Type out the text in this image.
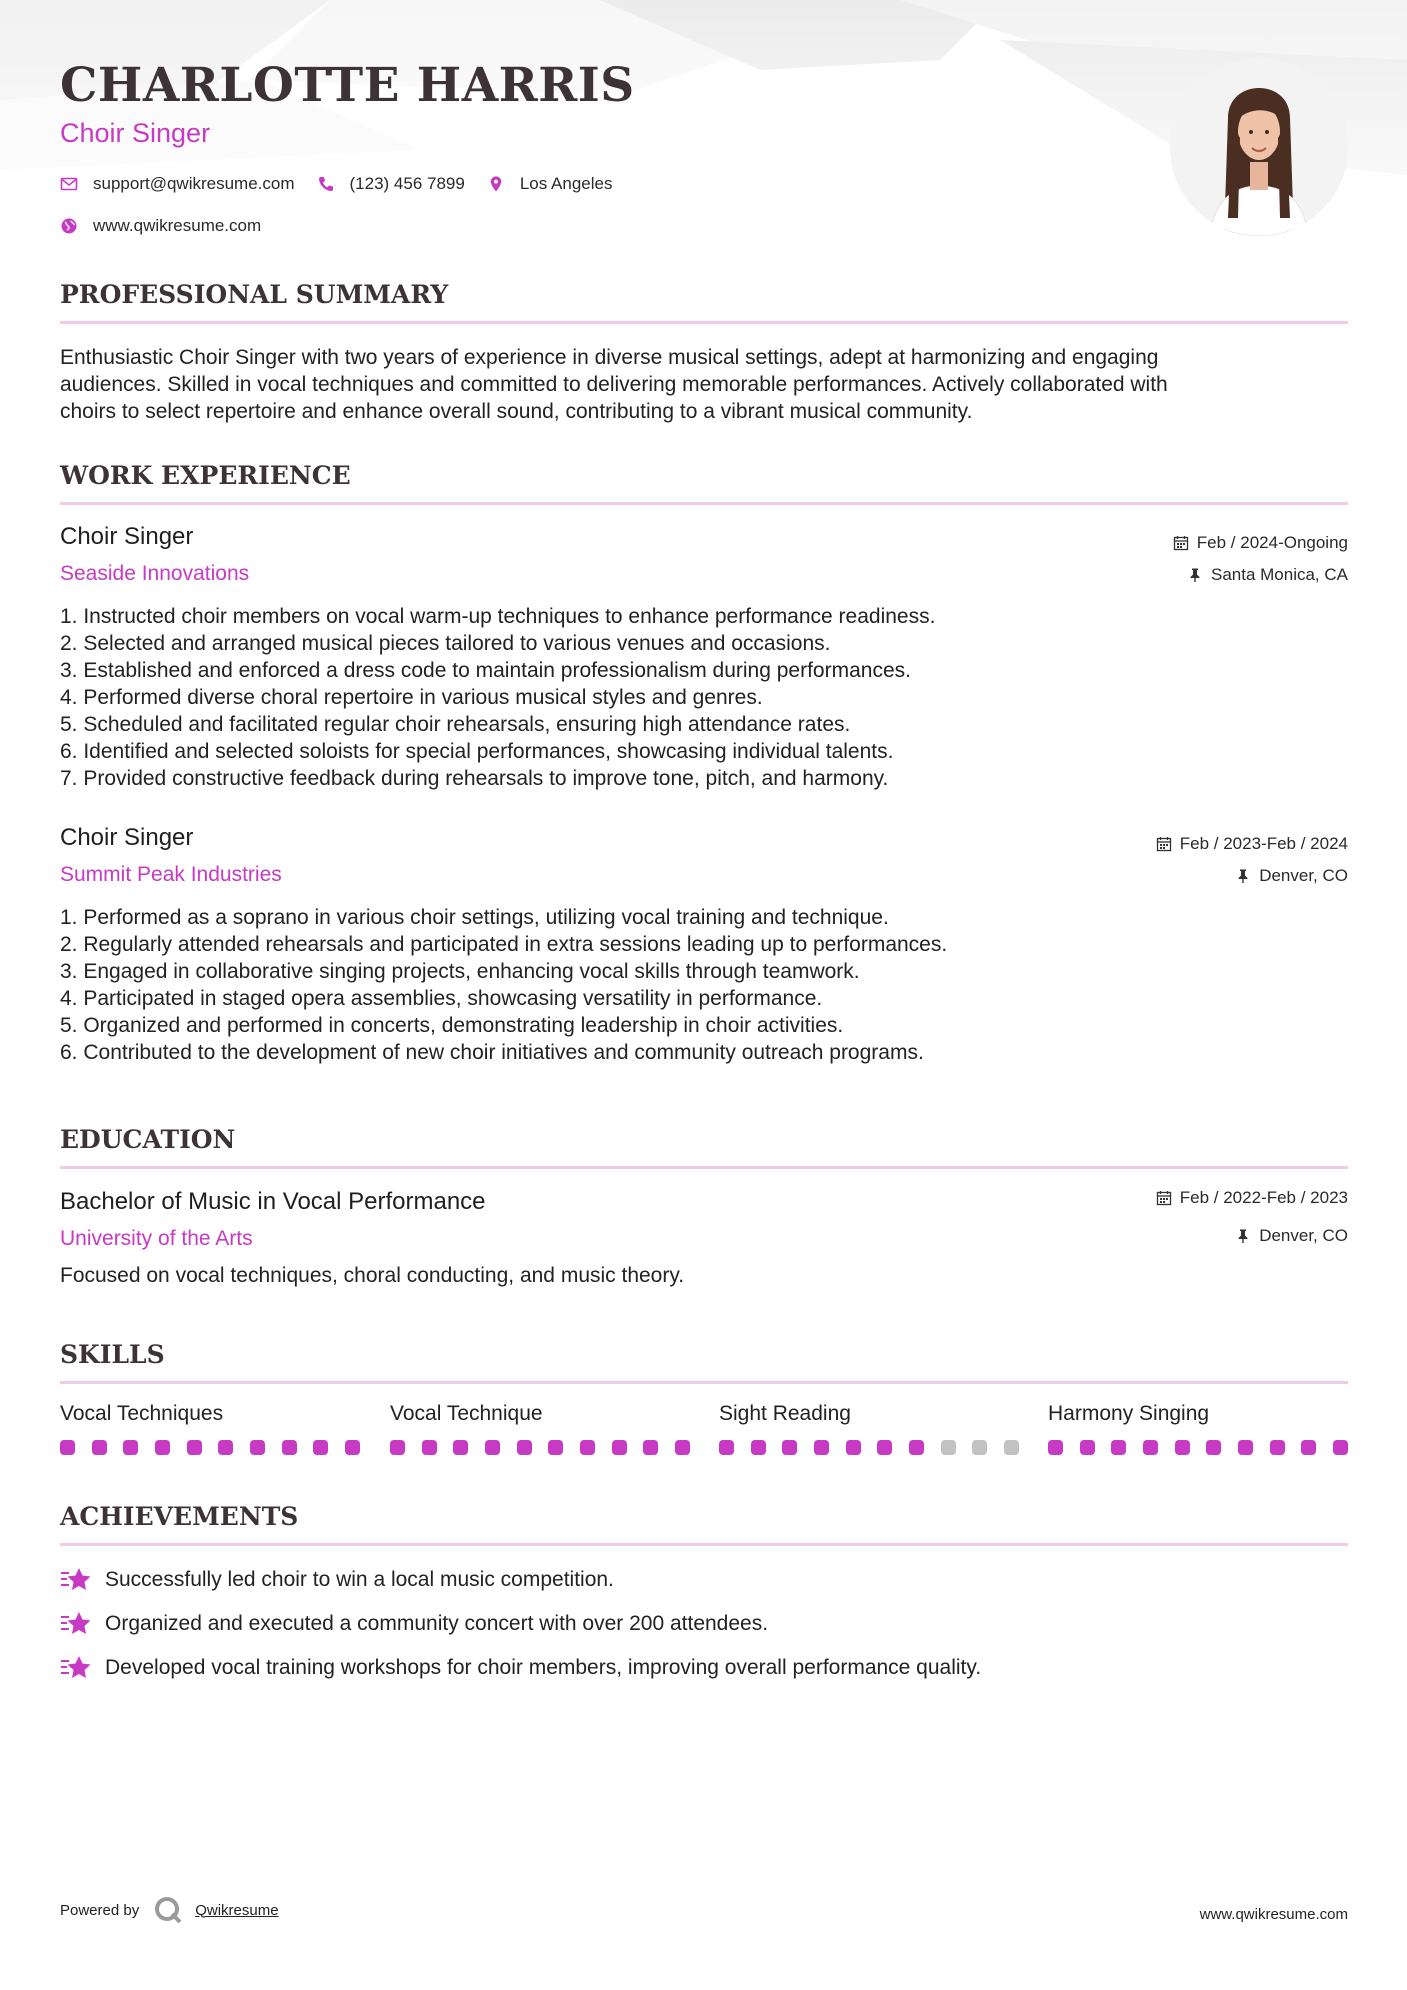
CHARLOTTE HARRIS
Choir Singer
support@qwikresume.com	(123) 456 7899	Los Angeles
www.qwikresume.com
PROFESSIONAL SUMMARY
Enthusiastic Choir Singer with two years of experience in diverse musical settings, adept at harmonizing and engaging
audiences. Skilled in vocal techniques and committed to delivering memorable performances. Actively collaborated with
choirs to select repertoire and enhance overall sound, contributing to a vibrant musical community.
WORK EXPERIENCE
Choir Singer
Seaside Innovations
Feb / 2024-Ongoing
Santa Monica, CA
1. Instructed choir members on vocal warm-up techniques to enhance performance readiness.
2. Selected and arranged musical pieces tailored to various venues and occasions.
3. Established and enforced a dress code to maintain professionalism during performances.
4. Performed diverse choral repertoire in various musical styles and genres.
5. Scheduled and facilitated regular choir rehearsals, ensuring high attendance rates.
6. Identified and selected soloists for special performances, showcasing individual talents.
7. Provided constructive feedback during rehearsals to improve tone, pitch, and harmony.
Choir Singer
Summit Peak Industries
Feb / 2023-Feb / 2024
Denver, CO
1. Performed as a soprano in various choir settings, utilizing vocal training and technique.
2. Regularly attended rehearsals and participated in extra sessions leading up to performances.
3. Engaged in collaborative singing projects, enhancing vocal skills through teamwork.
4. Participated in staged opera assemblies, showcasing versatility in performance.
5. Organized and performed in concerts, demonstrating leadership in choir activities.
6. Contributed to the development of new choir initiatives and community outreach programs.
EDUCATION
Bachelor of Music in Vocal Performance
University of the Arts
Feb / 2022-Feb / 2023
Denver, CO
Focused on vocal techniques, choral conducting, and music theory.
SKILLS
Vocal Techniques	Vocal Technique	Sight Reading	Harmony Singing
ACHIEVEMENTS
Successfully led choir to win a local music competition.
Organized and executed a community concert with over 200 attendees.
Developed vocal training workshops for choir members, improving overall performance quality.
Powered by	Qwikresume	www.qwikresume.com
